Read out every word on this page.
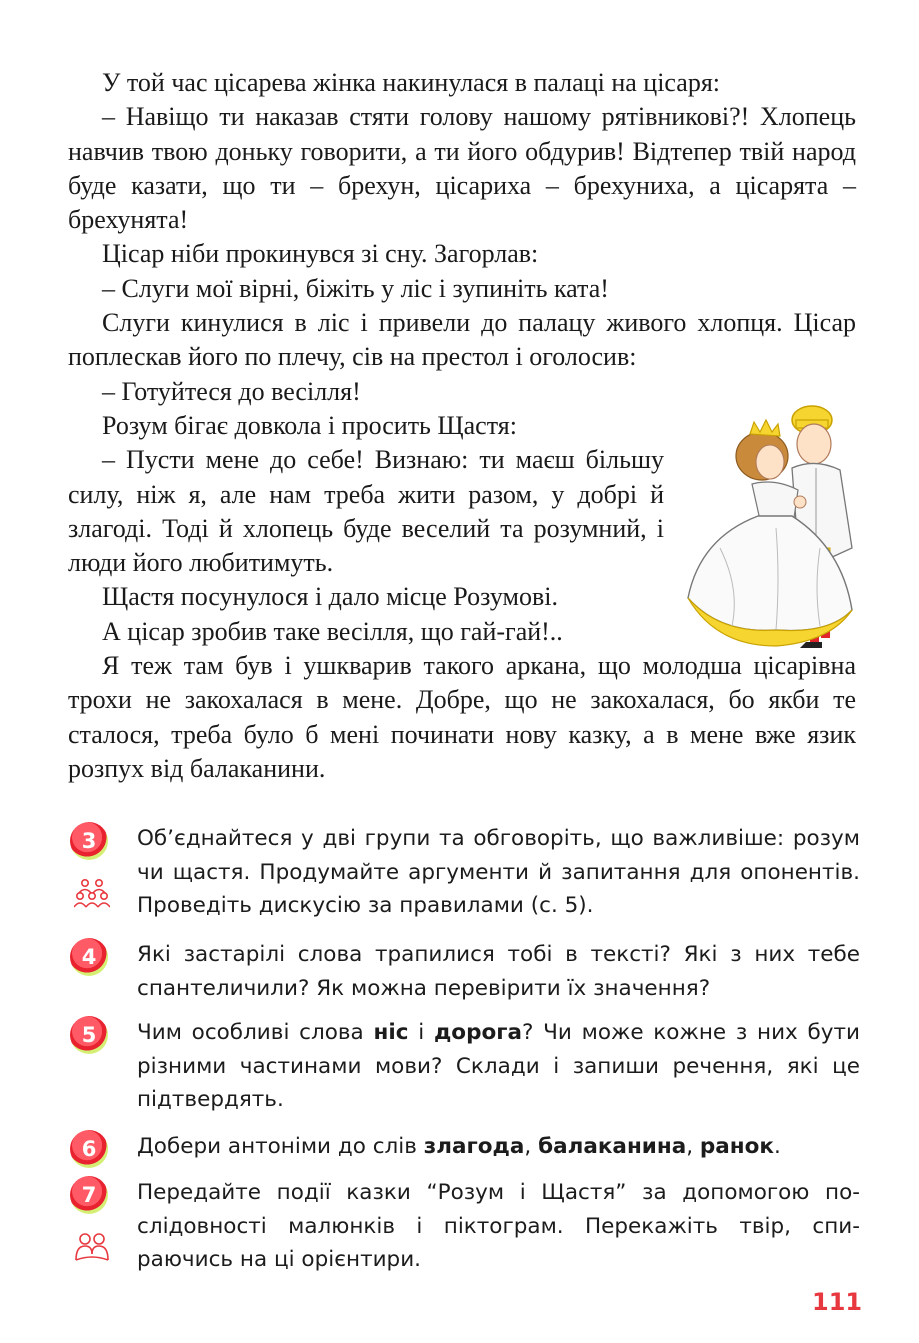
У той час цісарева жінка накинулася в палаці на цісаря:

– Навіщо ти наказав стяти голову нашому рятівникові?! Хлопець навчив твою доньку говорити, а ти його обдурив! Відтепер твій народ буде казати, що ти – брехун, цісариха – брехуниха, а цісарята – брехунята!

Цісар ніби прокинувся зі сну. Загорлав:

– Слуги мої вірні, біжіть у ліс і зупиніть ката!

Слуги кинулися в ліс і привели до палацу живого хлопця. Цісар поплескав його по плечу, сів на престол і оголосив:

– Готуйтеся до весілля!

Розум бігає довкола і просить Щастя:

– Пусти мене до себе! Визнаю: ти маєш більшу силу, ніж я, але нам треба жити разом, у добрі й злагоді. Тоді й хлопець буде веселий та розумний, і люди його любитимуть.

Щастя посунулося і дало місце Розумові.

А цісар зробив таке весілля, що гай-гай!..

Я теж там був і ушкварив такого аркана, що молодша цісарівна трохи не закохалася в мене. Добре, що не закохалася, бо якби те сталося, треба було б мені починати нову казку, а в мене вже язик розпух від балаканини.

3	Об’єднайтеся у дві групи та обговоріть, що важливіше: розум чи щастя. Продумайте аргументи й запитання для опонентів. Проведіть дискусію за правилами (с. 5).
4	Які застарілі слова трапилися тобі в тексті? Які з них тебе спантеличили? Як можна перевірити їх значення?
5	Чим особливі слова ніс і дорога? Чи може кожне з них бути різними частинами мови? Склади і запиши речення, які це підтвердять.
6	Добери антоніми до слів злагода, балаканина, ранок.
7	Передайте події казки “Розум і Щастя” за допомогою послідовності малюнків і піктограм. Перекажіть твір, спираючись на ці орієнтири.
111
